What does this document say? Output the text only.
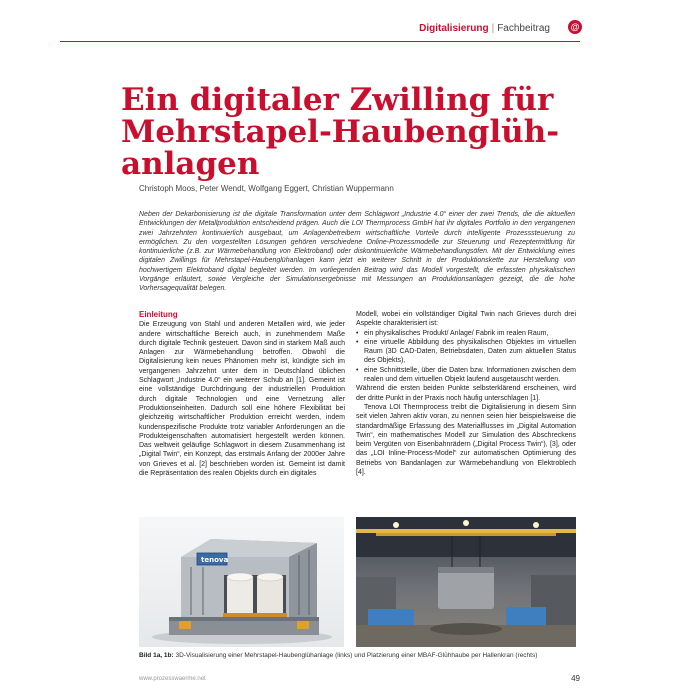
Digitalisierung | Fachbeitrag @
Ein digitaler Zwilling für
Mehrstapel-Haubenglüh-
anlagen
Christoph Moos, Peter Wendt, Wolfgang Eggert, Christian Wuppermann

Neben der Dekarbonisierung ist die digitale Transformation unter dem Schlagwort „Industrie 4.0“ einer der zwei Trends, die die aktuellen Entwicklungen der Metallproduktion entscheidend prägen. Auch die LOI Thermprocess GmbH hat ihr digitales Portfolio in den vergangenen zwei Jahrzehnten kontinuierlich ausgebaut, um Anlagenbetreibern wirtschaftliche Vorteile durch intelligente Prozesssteuerung zu ermöglichen. Zu den vorgestellten Lösungen gehören verschiedene Online-Prozessmodelle zur Steuerung und Rezeptermittlung für kontinuierliche (z.B. zur Wärmebehandlung von Elektroband) oder diskontinuierliche Wärmebehandlungsöfen. Mit der Entwicklung eines digitalen Zwillings für Mehrstapel-Haubenglühanlagen kann jetzt ein weiterer Schritt in der Produktionskette zur Herstellung von hochwertigem Elektroband digital begleitet werden. Im vorliegenden Beitrag wird das Modell vorgestellt, die erfassten physikalischen Vorgänge erläutert, sowie Vergleiche der Simulationsergebnisse mit Messungen an Produktionsanlagen gezeigt, die die hohe Vorhersagequalität belegen.

Einleitung

Die Erzeugung von Stahl und anderen Metallen wird, wie jeder andere wirtschaftliche Bereich auch, in zunehmendem Maße durch digitale Technik gesteuert. Davon sind in starkem Maß auch Anlagen zur Wärmebehandlung betroffen. Obwohl die Digitalisierung kein neues Phänomen mehr ist, kündigte sich im vergangenen Jahrzehnt unter dem in Deutschland üblichen Schlagwort „Industrie 4.0“ ein weiterer Schub an [1]. Gemeint ist eine vollständige Durchdringung der industriellen Produktion durch digitale Technologien und eine Vernetzung aller Produktionseinheiten. Dadurch soll eine höhere Flexibilität bei gleichzeitig wirtschaftlicher Produktion erreicht werden, indem kundenspezifische Produkte trotz variabler Anforderungen an die Produkteigenschaften automatisiert hergestellt werden können. Das weltweit geläufige Schlagwort in diesem Zusammenhang ist „Digital Twin“, ein Konzept, das erstmals Anfang der 2000er Jahre von Grieves et al. [2] beschrieben worden ist. Gemeint ist damit die Repräsentation des realen Objekts durch ein digitales

Modell, wobei ein vollständiger Digital Twin nach Grieves durch drei Aspekte charakterisiert ist:

• ein physikalisches Produkt/ Anlage/ Fabrik im realen Raum,
• eine virtuelle Abbildung des physikalischen Objektes im virtuellen Raum (3D CAD-Daten, Betriebsdaten, Daten zum aktuellen Status des Objekts),
• eine Schnittstelle, über die Daten bzw. Informationen zwischen dem realen und dem virtuellen Objekt laufend ausgetauscht werden.

Während die ersten beiden Punkte selbsterklärend erscheinen, wird der dritte Punkt in der Praxis noch häufig unterschlagen [1].

Tenova LOI Thermprocess treibt die Digitalisierung in diesem Sinn seit vielen Jahren aktiv voran, zu nennen seien hier beispielsweise die standardmäßige Erfassung des Materialflusses im „Digital Automation Twin“, ein mathematisches Modell zur Simulation des Abschreckens beim Vergüten von Eisenbahnrädern („Digital Process Twin“), [3], oder das „LOI Inline-Process-Model“ zur automatischen Optimierung des Betriebs von Bandanlagen zur Wärmebehandlung von Elektroblech [4].

tenova
Bild 1a, 1b: 3D-Visualisierung einer Mehrstapel-Haubenglühanlage (links) und Platzierung einer MBAF-Glühhaube per Hallenkran (rechts)
www.prozesswaerme.net	49
